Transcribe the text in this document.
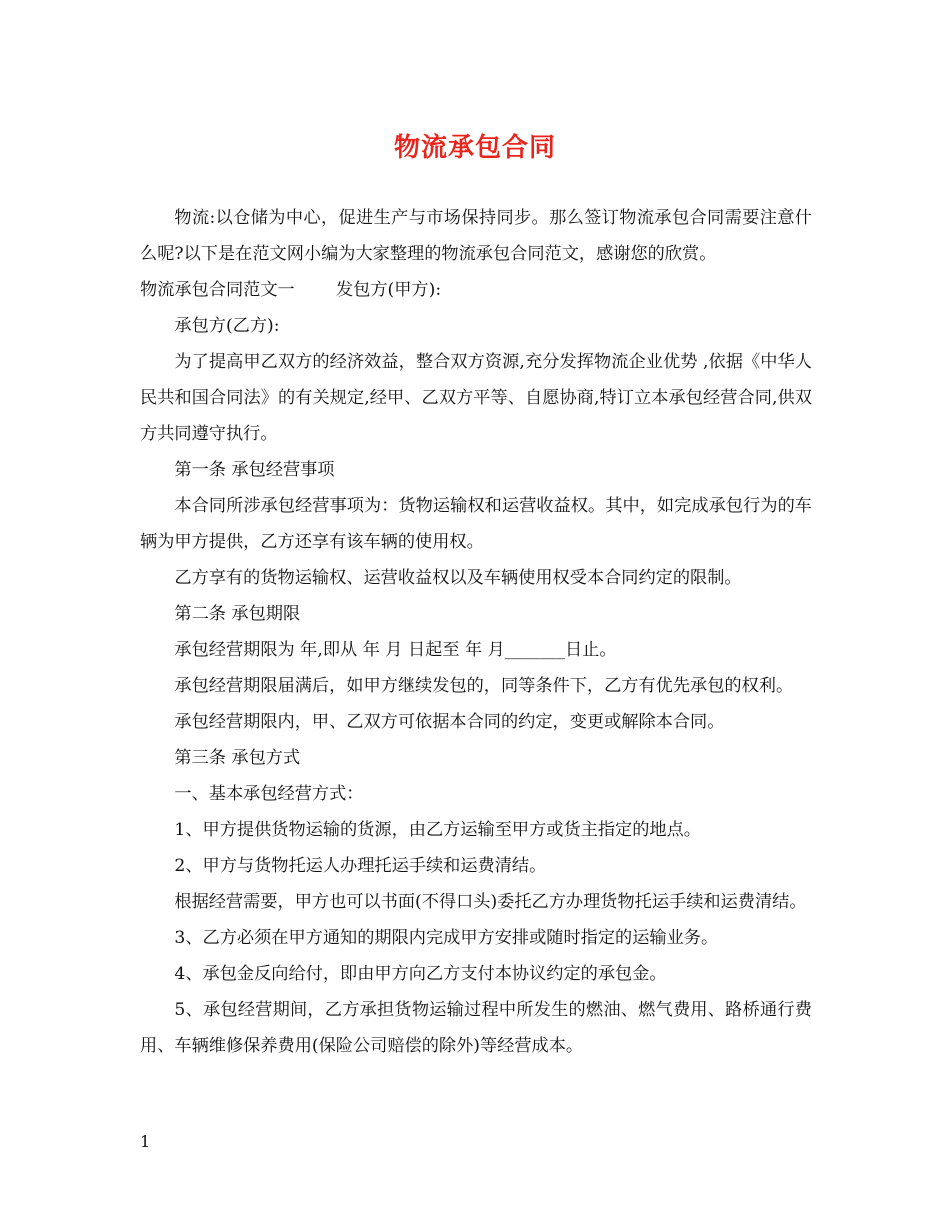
物流承包合同

物流:以仓储为中心，促进生产与市场保持同步。那么签订物流承包合同需要注意什么呢?以下是在范文网小编为大家整理的物流承包合同范文，感谢您的欣赏。

物流承包合同范文一 发包方(甲方):

承包方(乙方):

为了提高甲乙双方的经济效益，整合双方资源,充分发挥物流企业优势 ,依据《中华人民共和国合同法》的有关规定,经甲、乙双方平等、自愿协商,特订立本承包经营合同,供双方共同遵守执行。

第一条 承包经营事项

本合同所涉承包经营事项为：货物运输权和运营收益权。其中，如完成承包行为的车辆为甲方提供，乙方还享有该车辆的使用权。

乙方享有的货物运输权、运营收益权以及车辆使用权受本合同约定的限制。

第二条 承包期限

承包经营期限为 年,即从 年 月 日起至 年 月_______日止。

承包经营期限届满后，如甲方继续发包的，同等条件下，乙方有优先承包的权利。

承包经营期限内，甲、乙双方可依据本合同的约定，变更或解除本合同。

第三条 承包方式

一、基本承包经营方式：

1、甲方提供货物运输的货源，由乙方运输至甲方或货主指定的地点。

2、甲方与货物托运人办理托运手续和运费清结。

根据经营需要，甲方也可以书面(不得口头)委托乙方办理货物托运手续和运费清结。

3、乙方必须在甲方通知的期限内完成甲方安排或随时指定的运输业务。

4、承包金反向给付，即由甲方向乙方支付本协议约定的承包金。

5、承包经营期间，乙方承担货物运输过程中所发生的燃油、燃气费用、路桥通行费用、车辆维修保养费用(保险公司赔偿的除外)等经营成本。

1
